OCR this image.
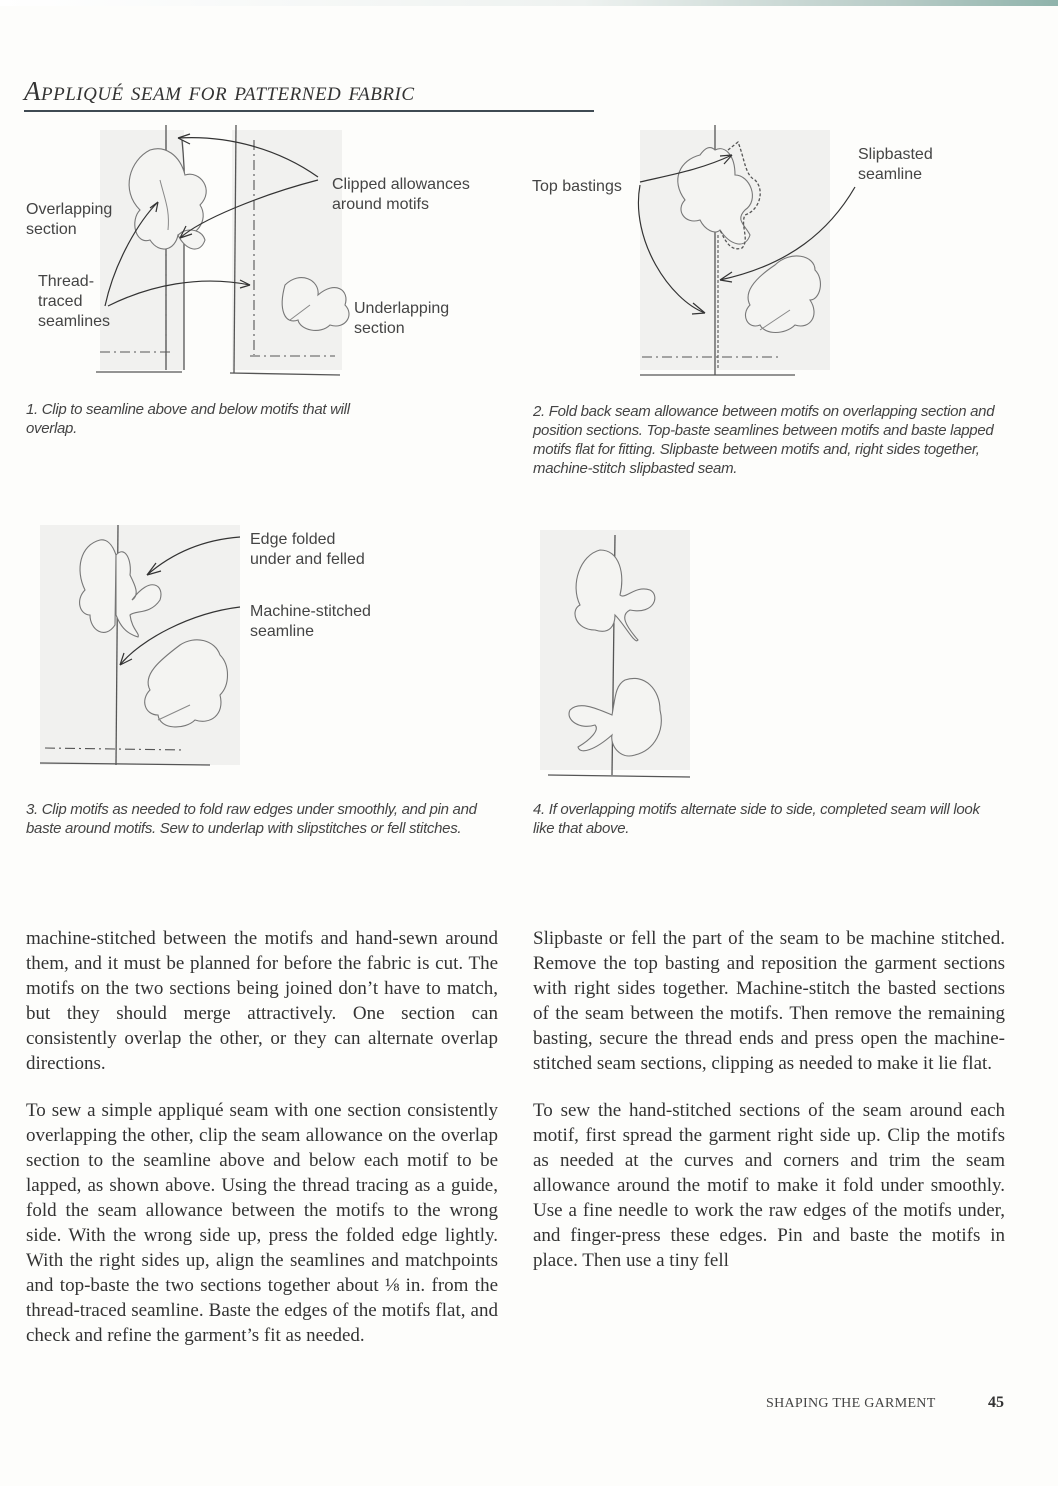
Appliqué seam for patterned fabric
Overlapping
section
Clipped allowances
around motifs
Thread-
traced
seamlines
Underlapping
section
1. Clip to seamline above and below motifs that will overlap.
Top bastings
Slipbasted
seamline
2. Fold back seam allowance between motifs on overlapping section and position sections. Top-baste seamlines between motifs and baste lapped motifs flat for fitting. Slipbaste between motifs and, right sides together, machine-stitch slipbasted seam.
Edge folded
under and felled
Machine-stitched
seamline
3. Clip motifs as needed to fold raw edges under smoothly, and pin and baste around motifs. Sew to underlap with slipstitches or fell stitches.
4. If overlapping motifs alternate side to side, completed seam will look like that above.

machine-stitched between the motifs and hand-sewn around them, and it must be planned for before the fabric is cut. The motifs on the two sections being joined don’t have to match, but they should merge attractively. One section can consistently overlap the other, or they can alternate overlap directions.

To sew a simple appliqué seam with one section consistently overlapping the other, clip the seam allowance on the overlap section to the seamline above and below each motif to be lapped, as shown above. Using the thread tracing as a guide, fold the seam allowance between the motifs to the wrong side. With the wrong side up, press the folded edge lightly. With the right sides up, align the seamlines and matchpoints and top-baste the two sections together about ⅛ in. from the thread-traced seamline. Baste the edges of the motifs flat, and check and refine the garment’s fit as needed.

Slipbaste or fell the part of the seam to be machine stitched. Remove the top basting and reposition the garment sections with right sides together. Machine-stitch the basted sections of the seam between the motifs. Then remove the remaining basting, secure the thread ends and press open the machine-stitched seam sections, clipping as needed to make it lie flat.

To sew the hand-stitched sections of the seam around each motif, first spread the garment right side up. Clip the motifs as needed at the curves and corners and trim the seam allowance around the motif to make it fold under smoothly. Use a fine needle to work the raw edges of the motifs under, and finger-press these edges. Pin and baste the motifs in place. Then use a tiny fell

SHAPING THE GARMENT	45
